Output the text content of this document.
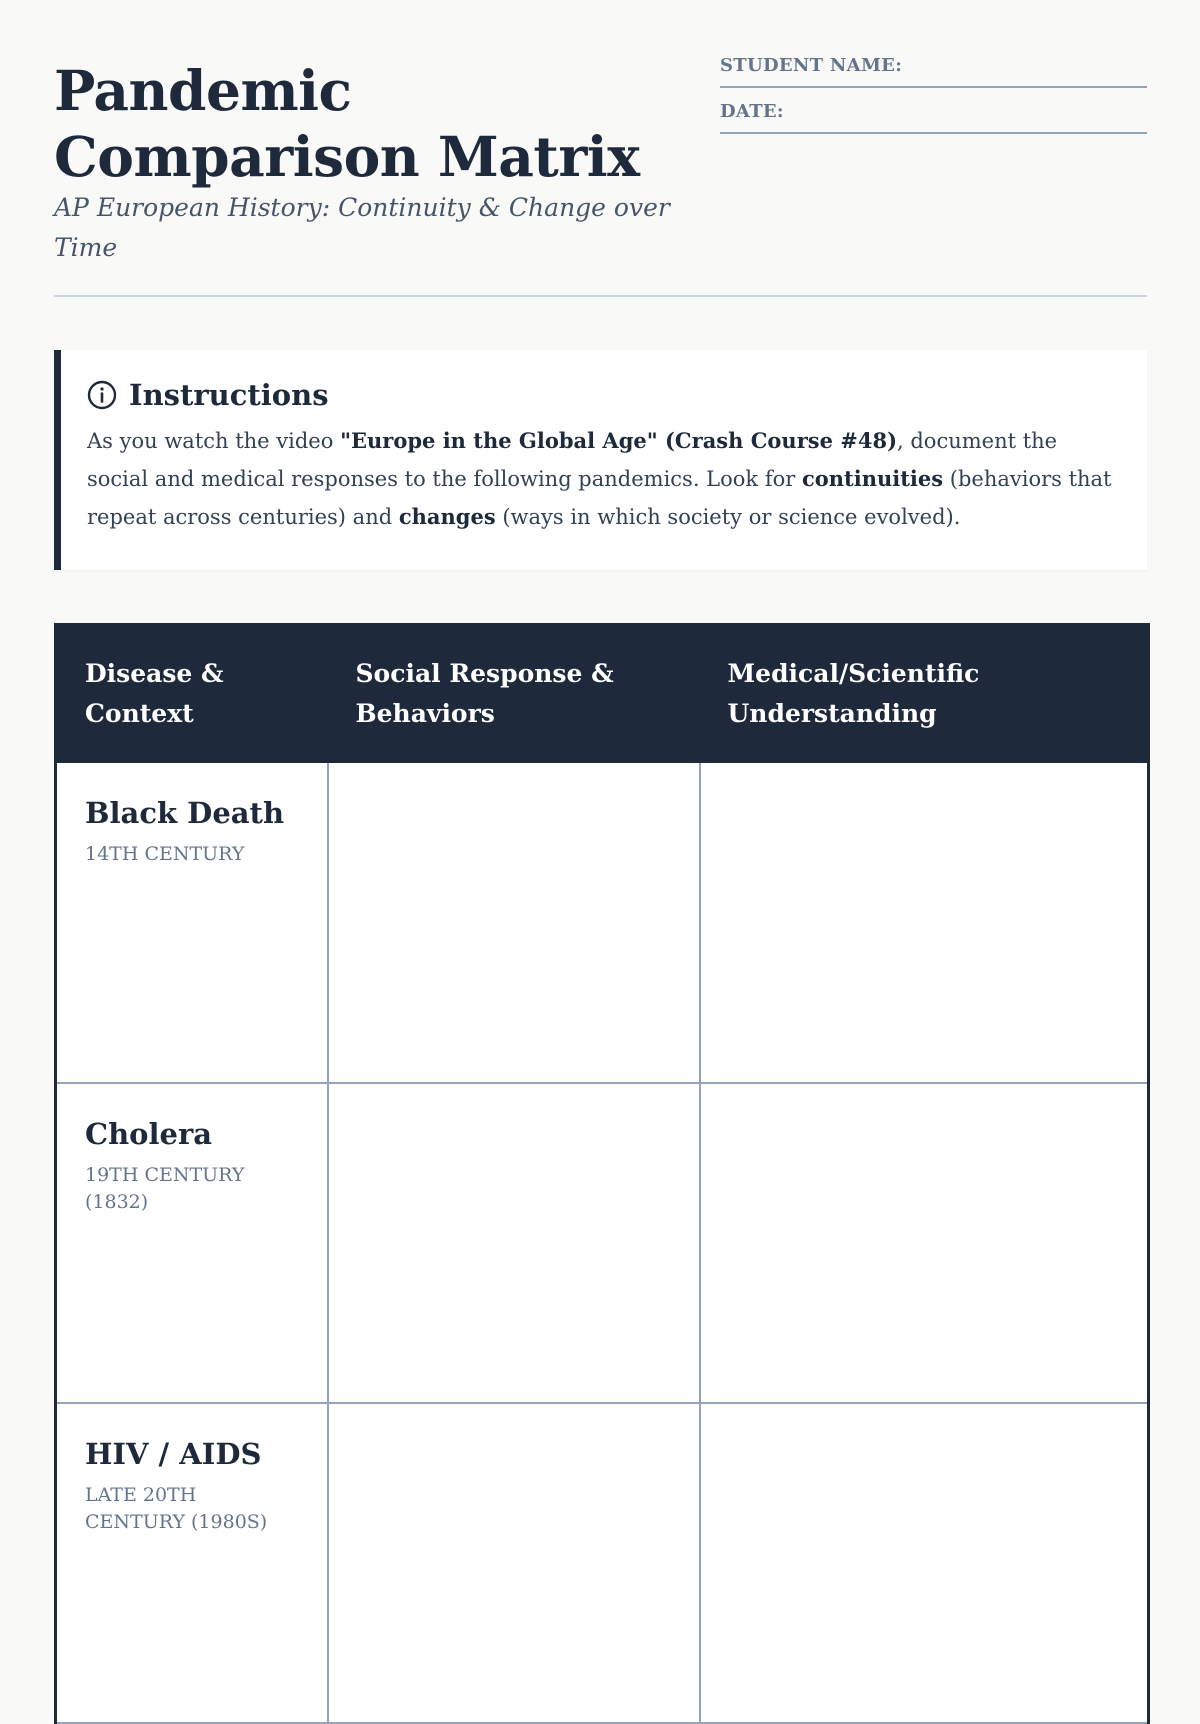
Pandemic Comparison Matrix

AP European History: Continuity & Change over Time

STUDENT NAME:
DATE:
Instructions

As you watch the video "Europe in the Global Age" (Crash Course #48), document the social and medical responses to the following pandemics. Look for continuities (behaviors that repeat across centuries) and changes (ways in which society or science evolved).

Disease & Context	Social Response & Behaviors	Medical/Scientific Understanding

Black Death
14TH CENTURY		

Cholera
19TH CENTURY (1832)		

HIV / AIDS
LATE 20TH CENTURY (1980S)		
